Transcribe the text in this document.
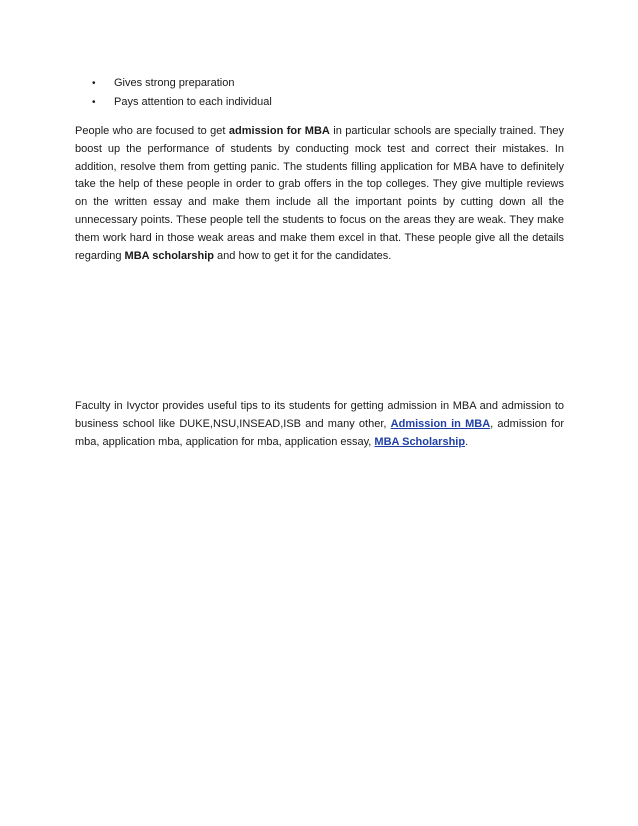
•	Gives strong preparation
•	Pays attention to each individual

People who are focused to get admission for MBA in particular schools are specially trained. They boost up the performance of students by conducting mock test and correct their mistakes. In addition, resolve them from getting panic. The students filling application for MBA have to definitely take the help of these people in order to grab offers in the top colleges. They give multiple reviews on the written essay and make them include all the important points by cutting down all the unnecessary points. These people tell the students to focus on the areas they are weak. They make them work hard in those weak areas and make them excel in that. These people give all the details regarding MBA scholarship and how to get it for the candidates.

Faculty in Ivyctor provides useful tips to its students for getting admission in MBA and admission to business school like DUKE,NSU,INSEAD,ISB and many other, Admission in MBA, admission for mba, application mba, application for mba, application essay, MBA Scholarship.
